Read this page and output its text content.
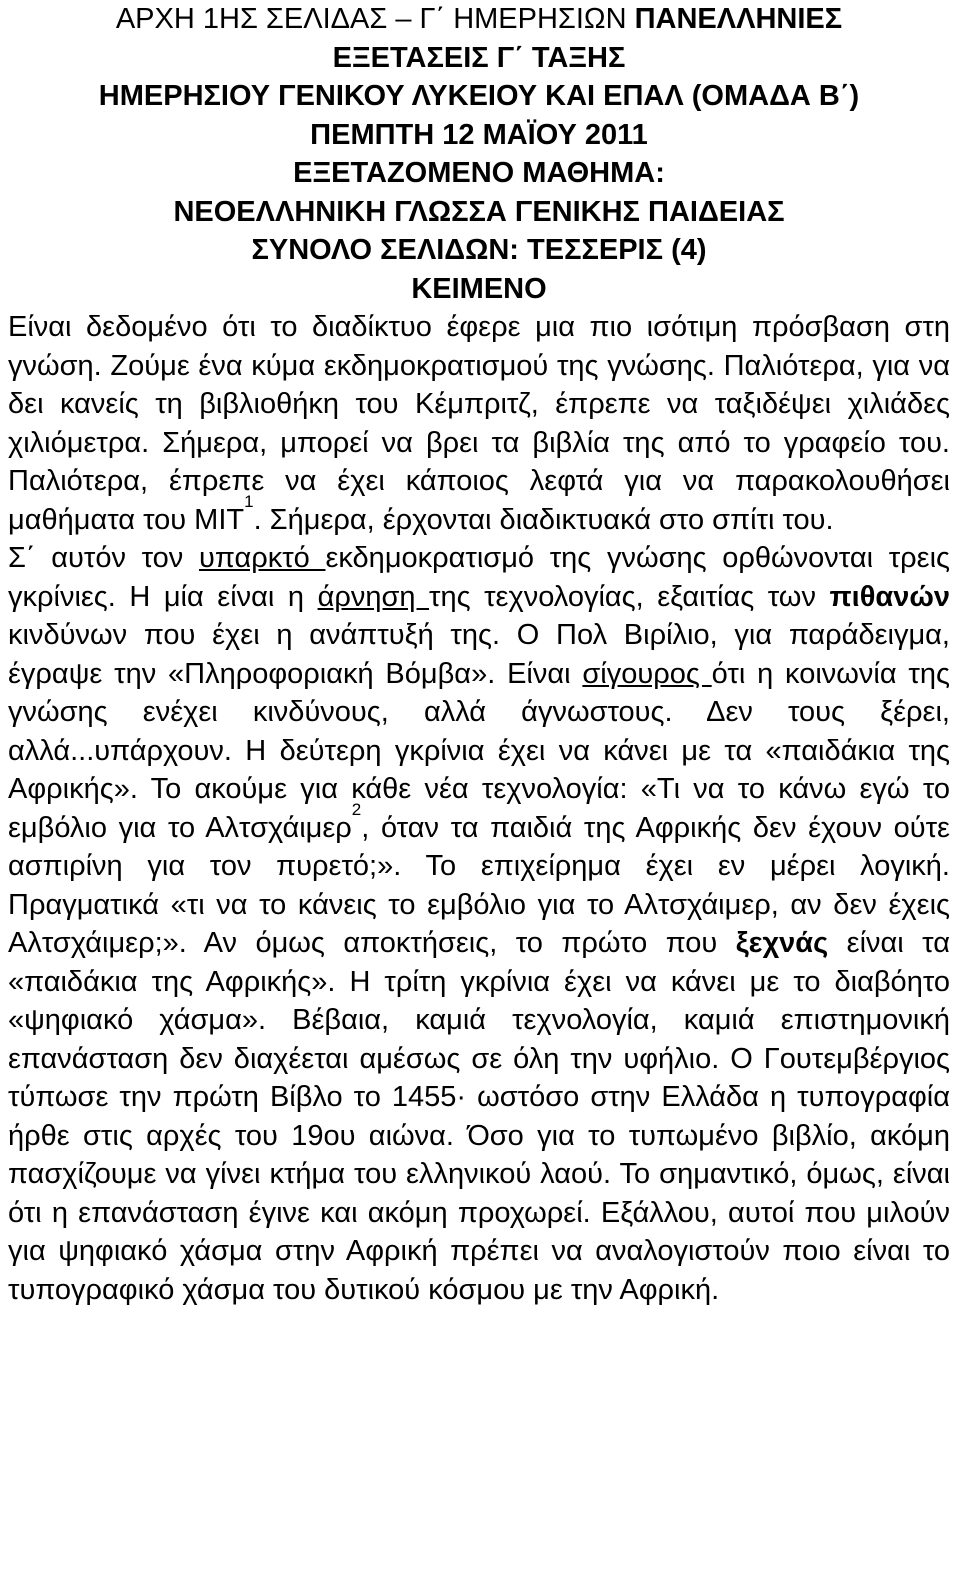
ΑΡΧΗ 1ΗΣ ΣΕΛΙΔΑΣ – Γ΄ ΗΜΕΡΗΣΙΩΝ ΠΑΝΕΛΛΗΝΙΕΣ
ΕΞΕΤΑΣΕΙΣ Γ΄ ΤΑΞΗΣ
ΗΜΕΡΗΣΙΟΥ ΓΕΝΙΚΟΥ ΛΥΚΕΙΟΥ ΚΑΙ ΕΠΑΛ (ΟΜΑΔΑ Β΄)
ΠΕΜΠΤΗ 12 ΜΑΪΟΥ 2011
ΕΞΕΤΑΖΟΜΕΝΟ ΜΑΘΗΜΑ:
ΝΕΟΕΛΛΗΝΙΚΗ ΓΛΩΣΣΑ ΓΕΝΙΚΗΣ ΠΑΙΔΕΙΑΣ
ΣΥΝΟΛΟ ΣΕΛΙΔΩΝ: ΤΕΣΣΕΡΙΣ (4)
ΚΕΙΜΕΝΟ

Είναι δεδομένο ότι το διαδίκτυο έφερε μια πιο ισότιμη πρόσβαση στη γνώση. Ζούμε ένα κύμα εκδημοκρατισμού της γνώσης. Παλιότερα, για να δει κανείς τη βιβλιοθήκη του Κέμπριτζ, έπρεπε να ταξιδέψει χιλιάδες χιλιόμετρα. Σήμερα, μπορεί να βρει τα βιβλία της από το γραφείο του. Παλιότερα, έπρεπε να έχει κάποιος λεφτά για να παρακολουθήσει μαθήματα του MIT$^1$. Σήμερα, έρχονται διαδικτυακά στο σπίτι του.

Σ΄ αυτόν τον υπαρκτό εκδημοκρατισμό της γνώσης ορθώνονται τρεις γκρίνιες. Η μία είναι η άρνηση της τεχνολογίας, εξαιτίας των πιθανών κινδύνων που έχει η ανάπτυξή της. Ο Πολ Βιρίλιο, για παράδειγμα, έγραψε την «Πληροφοριακή Βόμβα». Είναι σίγουρος ότι η κοινωνία της γνώσης ενέχει κινδύνους, αλλά άγνωστους. Δεν τους ξέρει, αλλά...υπάρχουν. Η δεύτερη γκρίνια έχει να κάνει με τα «παιδάκια της Αφρικής». Το ακούμε για κάθε νέα τεχνολογία: «Τι να το κάνω εγώ το εμβόλιο για το Αλτσχάιμερ$^2$, όταν τα παιδιά της Αφρικής δεν έχουν ούτε ασπιρίνη για τον πυρετό;». Το επιχείρημα έχει εν μέρει λογική. Πραγματικά «τι να το κάνεις το εμβόλιο για το Αλτσχάιμερ, αν δεν έχεις Αλτσχάιμερ;». Αν όμως αποκτήσεις, το πρώτο που ξεχνάς είναι τα «παιδάκια της Αφρικής». Η τρίτη γκρίνια έχει να κάνει με το διαβόητο «ψηφιακό χάσμα». Βέβαια, καμιά τεχνολογία, καμιά επιστημονική επανάσταση δεν διαχέεται αμέσως σε όλη την υφήλιο. Ο Γουτεμβέργιος τύπωσε την πρώτη Βίβλο το 1455· ωστόσο στην Ελλάδα η τυπογραφία ήρθε στις αρχές του 19ου αιώνα. Όσο για το τυπωμένο βιβλίο, ακόμη πασχίζουμε να γίνει κτήμα του ελληνικού λαού. Το σημαντικό, όμως, είναι ότι η επανάσταση έγινε και ακόμη προχωρεί. Εξάλλου, αυτοί που μιλούν για ψηφιακό χάσμα στην Αφρική πρέπει να αναλογιστούν ποιο είναι το τυπογραφικό χάσμα του δυτικού κόσμου με την Αφρική.
